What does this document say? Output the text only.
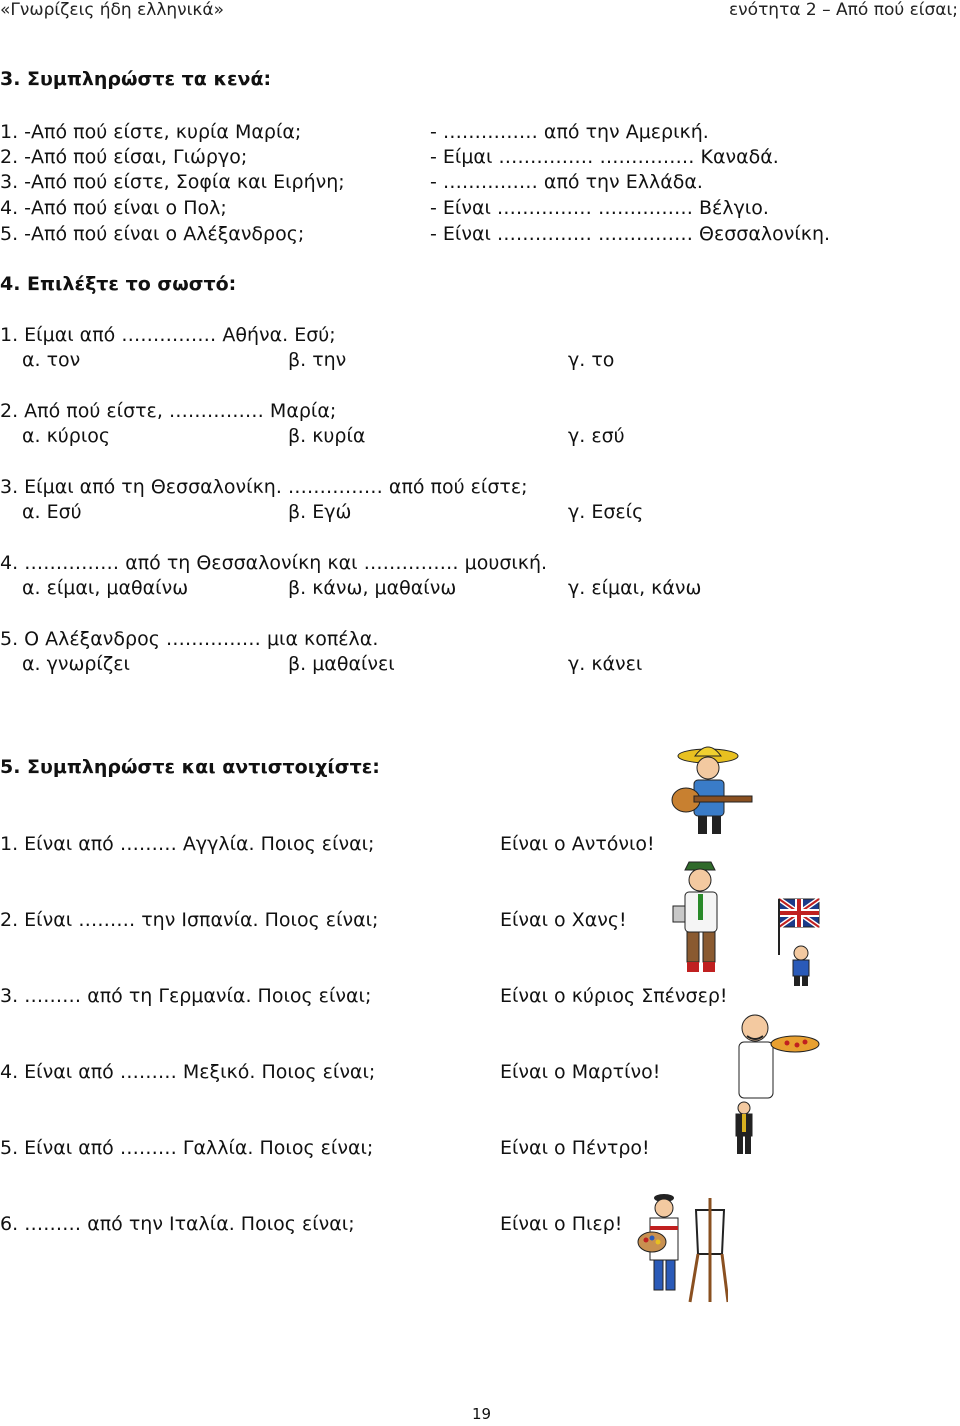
«Γνωρίζεις ήδη ελληνικά»	ενότητα 2 – Από πού είσαι;
3. Συμπληρώστε τα κενά:
1. -Από πού είστε, κυρία Μαρία;	- …………… από την Αμερική.
2. -Από πού είσαι, Γιώργο;	- Είμαι …………… …………… Καναδά.
3. -Από πού είστε, Σοφία και Ειρήνη;	- …………… από την Ελλάδα.
4. -Από πού είναι ο Πολ;	- Είναι …………… …………… Βέλγιο.
5. -Από πού είναι ο Αλέξανδρος;	- Είναι …………… …………… Θεσσαλονίκη.
4. Επιλέξτε το σωστό:
1. Είμαι από …………… Αθήνα. Εσύ;
α. τον	β. την	γ. το
2. Από πού είστε, …………… Μαρία;
α. κύριος	β. κυρία	γ. εσύ
3. Είμαι από τη Θεσσαλονίκη. …………… από πού είστε;
α. Εσύ	β. Εγώ	γ. Εσείς
4. …………… από τη Θεσσαλονίκη και …………… μουσική.
α. είμαι, μαθαίνω	β. κάνω, μαθαίνω	γ. είμαι, κάνω
5. Ο Αλέξανδρος …………… μια κοπέλα.
α. γνωρίζει	β. μαθαίνει	γ. κάνει
5. Συμπληρώστε και αντιστοιχίστε:
1. Είναι από ……… Αγγλία. Ποιος είναι;	Είναι ο Αντόνιο!
2. Είναι ……… την Ισπανία. Ποιος είναι;	Είναι ο Χανς!
3. ……… από τη Γερμανία. Ποιος είναι;	Είναι ο κύριος Σπένσερ!
4. Είναι από ……… Μεξικό. Ποιος είναι;	Είναι ο Μαρτίνο!
5. Είναι από ……… Γαλλία. Ποιος είναι;	Είναι ο Πέντρο!
6. ……… από την Ιταλία. Ποιος είναι;	Είναι ο Πιερ!
19
